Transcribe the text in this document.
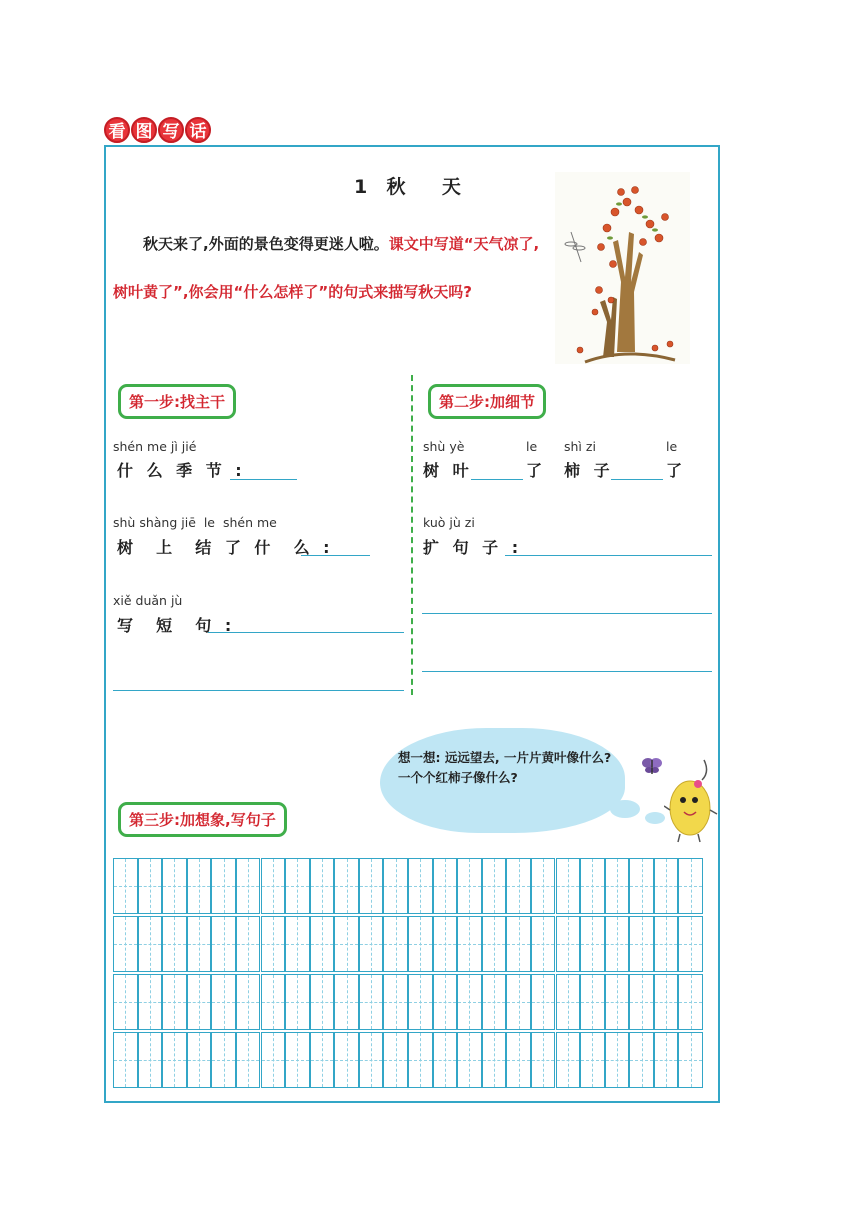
看 图 写 话
1  秋    天
秋天来了,外面的景色变得更迷人啦。课文中写道“天气凉了,树叶黄了”,你会用“什么怎样了”的句式来描写秋天吗?
第一步:找主干
shén me jì jié
什 么 季 节 :
shù shàng jiē  le  shén me
树  上  结 了 什  么 :
xiě duǎn jù
写  短  句 :
第二步:加细节
shù yè	le shì zi	le
树 叶	了 柿 子	了
kuò jù zi
扩 句 子 :
想一想: 远远望去, 一片片黄叶像什么? 一个个红柿子像什么?
第三步:加想象,写句子
